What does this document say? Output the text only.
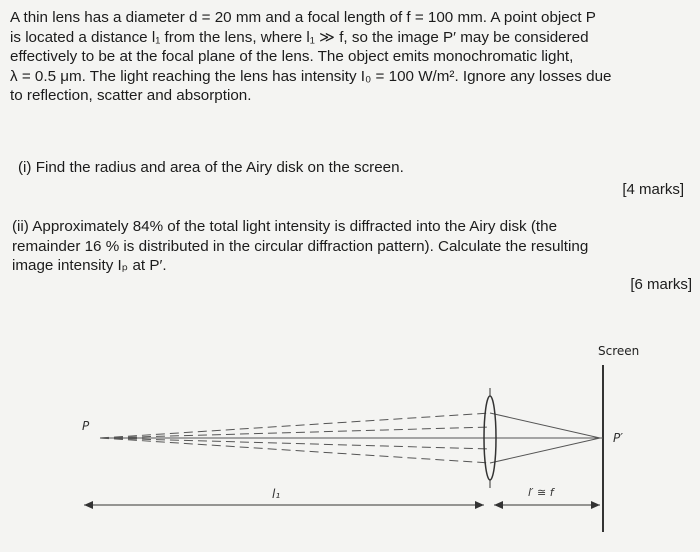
A thin lens has a diameter d = 20 mm and a focal length of f = 100 mm. A point object P
is located a distance l₁ from the lens, where l₁ ≫ f, so the image P′ may be considered
effectively to be at the focal plane of the lens. The object emits monochromatic light,
λ = 0.5 μm. The light reaching the lens has intensity I₀ = 100 W/m². Ignore any losses due
to reflection, scatter and absorption.
(i) Find the radius and area of the Airy disk on the screen.
[4 marks]
(ii) Approximately 84% of the total light intensity is diffracted into the Airy disk (the
remainder 16 % is distributed in the circular diffraction pattern). Calculate the resulting
image intensity Iₚ at P′.
[6 marks]
Screen
P
P′
l₁	l′ ≅ f
